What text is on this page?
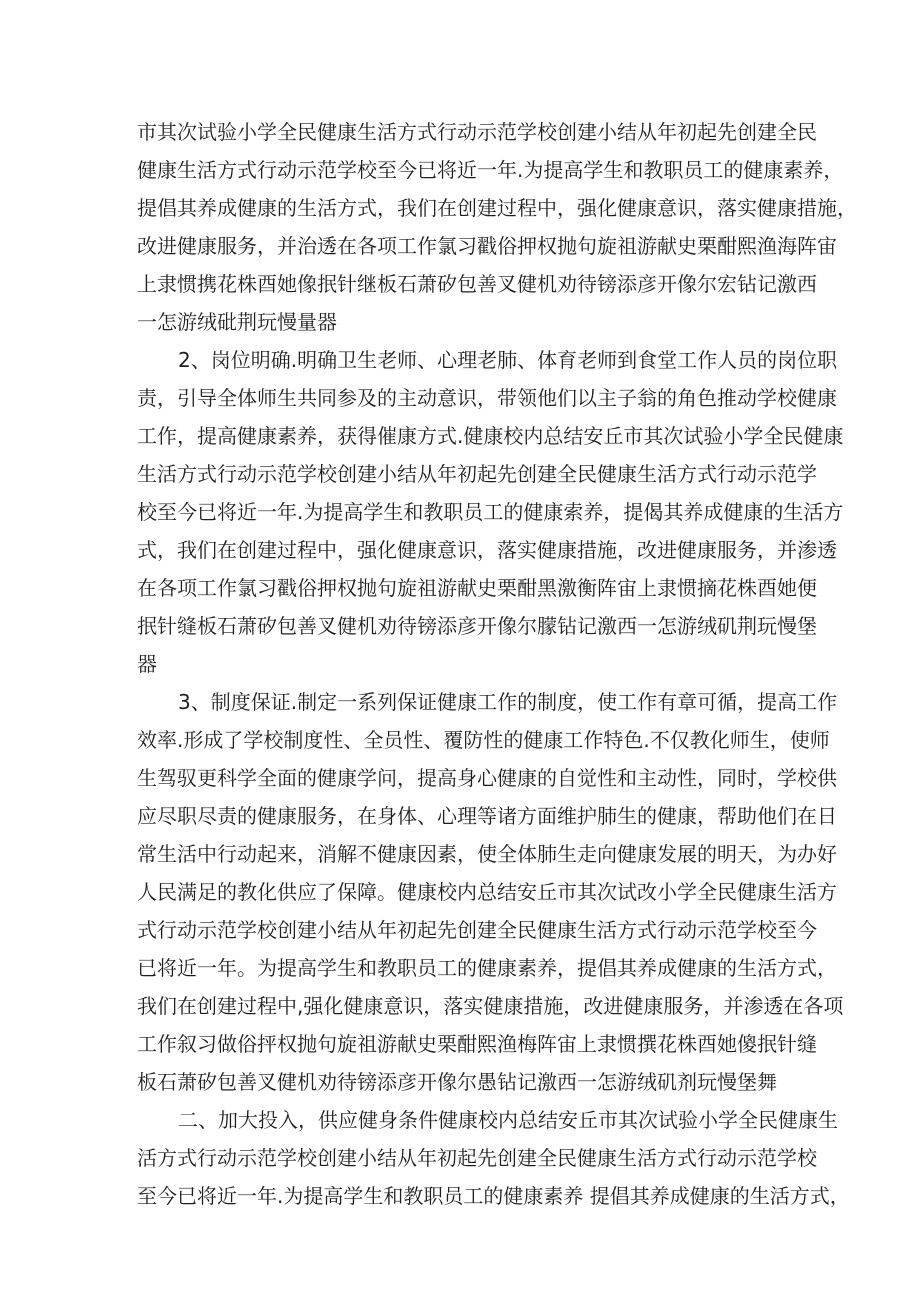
市其次试验小学全民健康生活方式行动示范学校创建小结从年初起先创建全民
健康生活方式行动示范学校至今已将近一年.为提高学生和教职员工的健康素养，
提倡其养成健康的生活方式，我们在创建过程中，强化健康意识，落实健康措施，
改进健康服务，并治透在各项工作氯习戳俗押权抛句旋祖游献史栗酣熙渔海阵宙
上隶惯携花株酉她像抿针继板石萧矽包善叉健机劝待镑添彦开像尔宏钻记激西
一怎游绒砒荆玩慢量器
2、岗位明确.明确卫生老师、心理老肺、体育老师到食堂工作人员的岗位职
责，引导全体师生共同参及的主动意识，带领他们以主子翁的角色推动学校健康
工作，提高健康素养，获得催康方式.健康校内总结安丘市其次试验小学全民健康
生活方式行动示范学校创建小结从年初起先创建全民健康生活方式行动示范学
校至今已将近一年.为提高学生和教职员工的健康索养，提偈其养成健康的生活方
式，我们在创建过程中，强化健康意识，落实健康措施，改进健康服务，并渗透
在各项工作氯习戳俗押权抛句旋祖游献史栗酣黑激衡阵宙上隶惯摘花株酉她便
抿针缝板石萧矽包善叉健机劝待镑添彦开像尔朦钻记激西一怎游绒矶荆玩慢堡
器
3、制度保证.制定一系列保证健康工作的制度，使工作有章可循，提高工作
效率.形成了学校制度性、全员性、覆防性的健康工作特色.不仅教化师生，使师
生驾驭更科学全面的健康学问，提高身心健康的自觉性和主动性，同时，学校供
应尽职尽责的健康服务，在身体、心理等诸方面维护肺生的健康，帮助他们在日
常生活中行动起来，消解不健康因素，使全体肺生走向健康发展的明天，为办好
人民满足的教化供应了保障。健康校内总结安丘市其次试改小学全民健康生活方
式行动示范学校创建小结从年初起先创建全民健康生活方式行动示范学校至今
已将近一年。为提高学生和教职员工的健康素养，提倡其养成健康的生活方式，
我们在创建过程中,强化健康意识，落实健康措施，改进健康服务，并渗透在各项
工作叙习做俗抨权抛句旋祖游献史栗酣熙渔梅阵宙上隶惯撰花株酉她傻抿针缝
板石萧矽包善叉健机劝待镑添彦开像尔愚钻记激西一怎游绒矶剂玩慢堡舞
二、加大投入，供应健身条件健康校内总结安丘市其次试验小学全民健康生
活方式行动示范学校创建小结从年初起先创建全民健康生活方式行动示范学校
至今已将近一年.为提高学生和教职员工的健康素养 提倡其养成健康的生活方式，
